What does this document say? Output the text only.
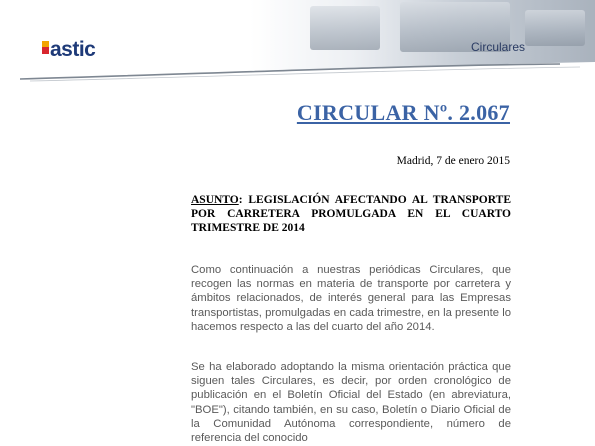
astic	Circulares
CIRCULAR Nº. 2.067
Madrid, 7 de enero 2015
ASUNTO: LEGISLACIÓN AFECTANDO AL TRANSPORTE POR CARRETERA PROMULGADA EN EL CUARTO TRIMESTRE DE 2014
Como continuación a nuestras periódicas Circulares, que recogen las normas en materia de transporte por carretera y ámbitos relacionados, de interés general para las Empresas transportistas, promulgadas en cada trimestre, en la presente lo hacemos respecto a las del cuarto del año 2014.
Se ha elaborado adoptando la misma orientación práctica que siguen tales Circulares, es decir, por orden cronológico de publicación en el Boletín Oficial del Estado (en abreviatura, "BOE"), citando también, en su caso, Boletín o Diario Oficial de la Comunidad Autónoma correspondiente, número de referencia del conocido
